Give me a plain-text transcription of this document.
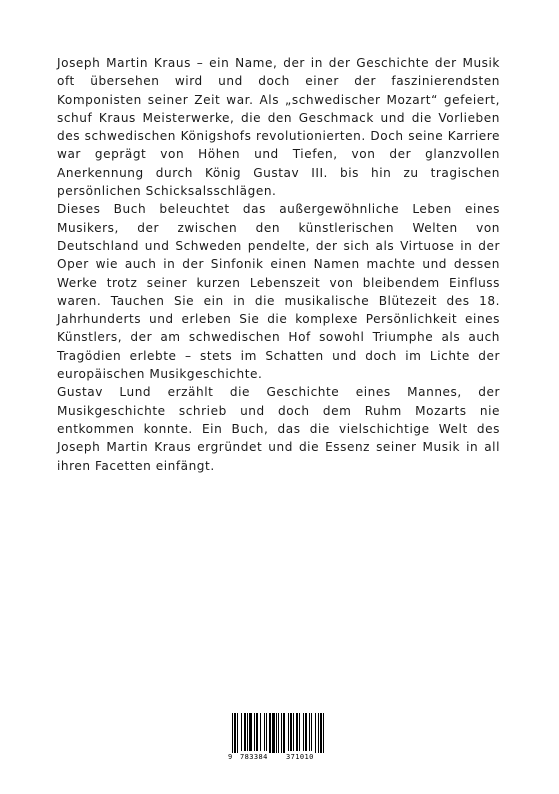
Joseph Martin Kraus – ein Name, der in der Geschichte der Musik oft übersehen wird und doch einer der faszinierendsten Komponisten seiner Zeit war. Als „schwedischer Mozart“ gefeiert, schuf Kraus Meisterwerke, die den Geschmack und die Vorlieben des schwedischen Königshofs revolutionierten. Doch seine Karriere war geprägt von Höhen und Tiefen, von der glanzvollen Anerkennung durch König Gustav III. bis hin zu tragischen persönlichen Schicksalsschlägen.

Dieses Buch beleuchtet das außergewöhnliche Leben eines Musikers, der zwischen den künstlerischen Welten von Deutschland und Schweden pendelte, der sich als Virtuose in der Oper wie auch in der Sinfonik einen Namen machte und dessen Werke trotz seiner kurzen Lebenszeit von bleibendem Einfluss waren. Tauchen Sie ein in die musikalische Blütezeit des 18. Jahrhunderts und erleben Sie die komplexe Persönlichkeit eines Künstlers, der am schwedischen Hof sowohl Triumphe als auch Tragödien erlebte – stets im Schatten und doch im Lichte der europäischen Musikgeschichte.

Gustav Lund erzählt die Geschichte eines Mannes, der Musikgeschichte schrieb und doch dem Ruhm Mozarts nie entkommen konnte. Ein Buch, das die vielschichtige Welt des Joseph Martin Kraus ergründet und die Essenz seiner Musik in all ihren Facetten einfängt.

9 783384	371010
